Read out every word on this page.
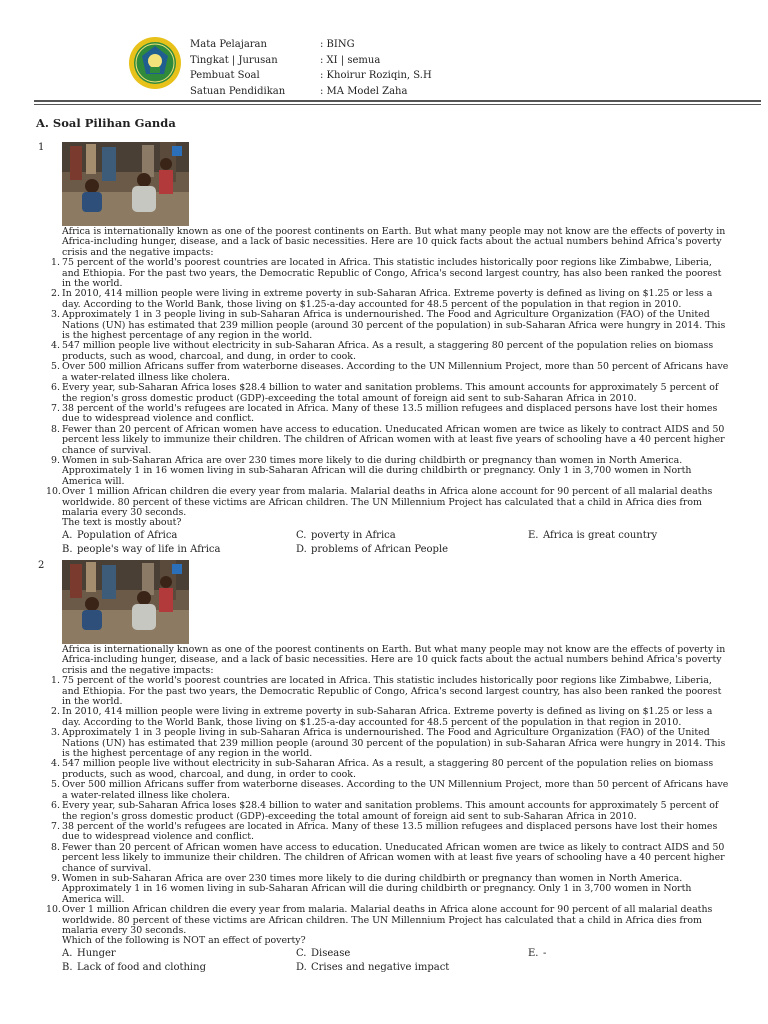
Mata Pelajaran	: BING
Tingkat | Jurusan	: XI | semua
Pembuat Soal	: Khoirur Roziqin, S.H
Satuan Pendidikan	: MA Model Zaha
A. Soal Pilihan Ganda
1

Africa is internationally known as one of the poorest continents on Earth. But what many people may not know are the effects of poverty in Africa-including hunger, disease, and a lack of basic necessities. Here are 10 quick facts about the actual numbers behind Africa's poverty crisis and the negative impacts:

1. 75 percent of the world's poorest countries are located in Africa. This statistic includes historically poor regions like Zimbabwe, Liberia, and Ethiopia. For the past two years, the Democratic Republic of Congo, Africa's second largest country, has also been ranked the poorest in the world.
2. In 2010, 414 million people were living in extreme poverty in sub-Saharan Africa. Extreme poverty is defined as living on $1.25 or less a day. According to the World Bank, those living on $1.25-a-day accounted for 48.5 percent of the population in that region in 2010.
3. Approximately 1 in 3 people living in sub-Saharan Africa is undernourished. The Food and Agriculture Organization (FAO) of the United Nations (UN) has estimated that 239 million people (around 30 percent of the population) in sub-Saharan Africa were hungry in 2014. This is the highest percentage of any region in the world.
4. 547 million people live without electricity in sub-Saharan Africa. As a result, a staggering 80 percent of the population relies on biomass products, such as wood, charcoal, and dung, in order to cook.
5. Over 500 million Africans suffer from waterborne diseases. According to the UN Millennium Project, more than 50 percent of Africans have a water-related illness like cholera.
6. Every year, sub-Saharan Africa loses $28.4 billion to water and sanitation problems. This amount accounts for approximately 5 percent of the region's gross domestic product (GDP)-exceeding the total amount of foreign aid sent to sub-Saharan Africa in 2010.
7. 38 percent of the world's refugees are located in Africa. Many of these 13.5 million refugees and displaced persons have lost their homes due to widespread violence and conflict.
8. Fewer than 20 percent of African women have access to education. Uneducated African women are twice as likely to contract AIDS and 50 percent less likely to immunize their children. The children of African women with at least five years of schooling have a 40 percent higher chance of survival.
9. Women in sub-Saharan Africa are over 230 times more likely to die during childbirth or pregnancy than women in North America. Approximately 1 in 16 women living in sub-Saharan African will die during childbirth or pregnancy. Only 1 in 3,700 women in North America will.
10. Over 1 million African children die every year from malaria. Malarial deaths in Africa alone account for 90 percent of all malarial deaths worldwide. 80 percent of these victims are African children. The UN Millennium Project has calculated that a child in Africa dies from malaria every 30 seconds.

The text is mostly about?

A. Population of Africa	C. poverty in Africa	E. Africa is great country
B. people's way of life in Africa	D. problems of African People
2

Africa is internationally known as one of the poorest continents on Earth. But what many people may not know are the effects of poverty in Africa-including hunger, disease, and a lack of basic necessities. Here are 10 quick facts about the actual numbers behind Africa's poverty crisis and the negative impacts:

1. 75 percent of the world's poorest countries are located in Africa. This statistic includes historically poor regions like Zimbabwe, Liberia, and Ethiopia. For the past two years, the Democratic Republic of Congo, Africa's second largest country, has also been ranked the poorest in the world.
2. In 2010, 414 million people were living in extreme poverty in sub-Saharan Africa. Extreme poverty is defined as living on $1.25 or less a day. According to the World Bank, those living on $1.25-a-day accounted for 48.5 percent of the population in that region in 2010.
3. Approximately 1 in 3 people living in sub-Saharan Africa is undernourished. The Food and Agriculture Organization (FAO) of the United Nations (UN) has estimated that 239 million people (around 30 percent of the population) in sub-Saharan Africa were hungry in 2014. This is the highest percentage of any region in the world.
4. 547 million people live without electricity in sub-Saharan Africa. As a result, a staggering 80 percent of the population relies on biomass products, such as wood, charcoal, and dung, in order to cook.
5. Over 500 million Africans suffer from waterborne diseases. According to the UN Millennium Project, more than 50 percent of Africans have a water-related illness like cholera.
6. Every year, sub-Saharan Africa loses $28.4 billion to water and sanitation problems. This amount accounts for approximately 5 percent of the region's gross domestic product (GDP)-exceeding the total amount of foreign aid sent to sub-Saharan Africa in 2010.
7. 38 percent of the world's refugees are located in Africa. Many of these 13.5 million refugees and displaced persons have lost their homes due to widespread violence and conflict.
8. Fewer than 20 percent of African women have access to education. Uneducated African women are twice as likely to contract AIDS and 50 percent less likely to immunize their children. The children of African women with at least five years of schooling have a 40 percent higher chance of survival.
9. Women in sub-Saharan Africa are over 230 times more likely to die during childbirth or pregnancy than women in North America. Approximately 1 in 16 women living in sub-Saharan African will die during childbirth or pregnancy. Only 1 in 3,700 women in North America will.
10. Over 1 million African children die every year from malaria. Malarial deaths in Africa alone account for 90 percent of all malarial deaths worldwide. 80 percent of these victims are African children. The UN Millennium Project has calculated that a child in Africa dies from malaria every 30 seconds.

Which of the following is NOT an effect of poverty?

A. Hunger	C. Disease	E. -
B. Lack of food and clothing	D. Crises and negative impact
